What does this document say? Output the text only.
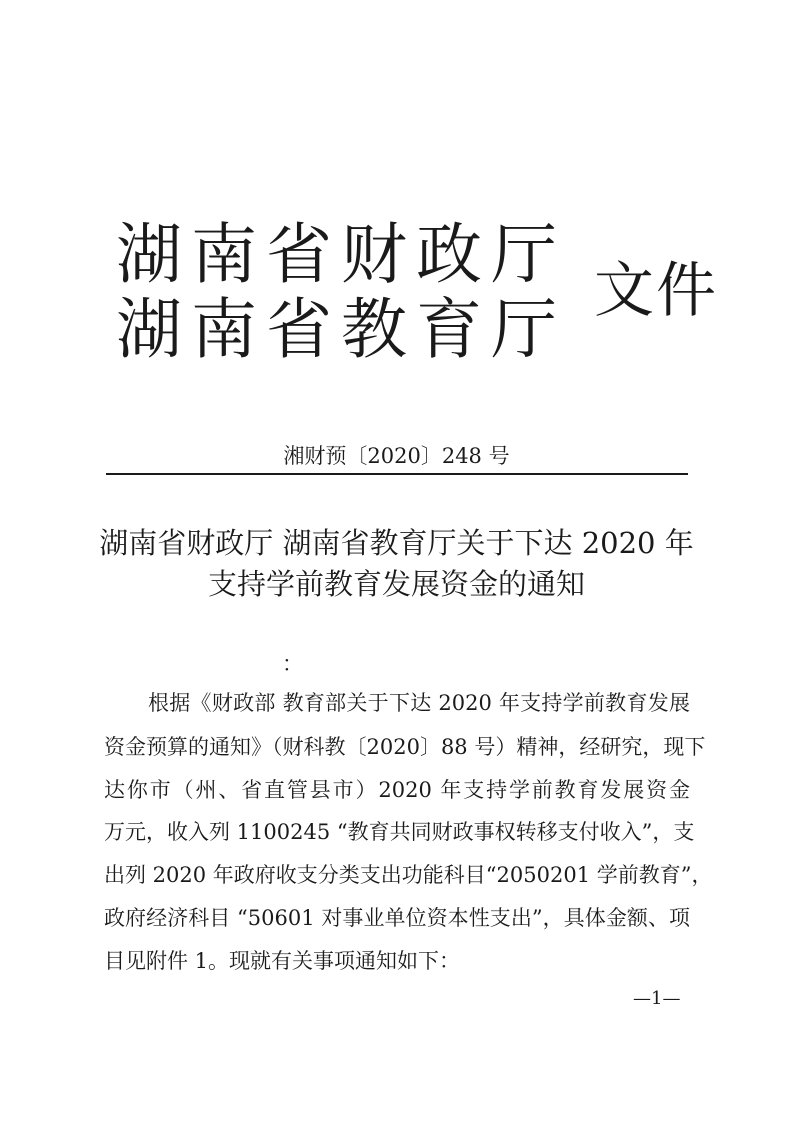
湖南省财政厅
湖南省教育厅 文件
湘财预〔2020〕248 号
湖南省财政厅 湖南省教育厅关于下达 2020 年
支持学前教育发展资金的通知
：
根据《财政部 教育部关于下达 2020 年支持学前教育发展
资金预算的通知》（财科教〔2020〕88 号）精神，经研究，现下
达你市（州、省直管县市）2020 年支持学前教育发展资金
万元，收入列 1100245 “教育共同财政事权转移支付收入”，支
出列 2020 年政府收支分类支出功能科目“2050201 学前教育”，
政府经济科目 “50601 对事业单位资本性支出”，具体金额、项
目见附件 1。现就有关事项通知如下：
—1—
